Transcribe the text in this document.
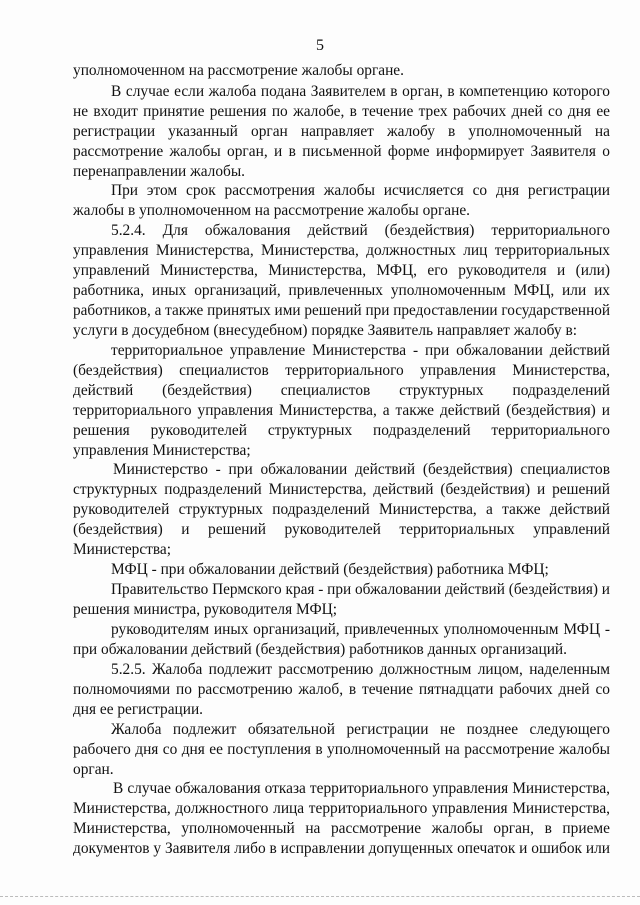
5
уполномоченном на рассмотрение жалобы органе.
В случае если жалоба подана Заявителем в орган, в компетенцию которого
не входит принятие решения по жалобе, в течение трех рабочих дней со дня ее
регистрации указанный орган направляет жалобу в уполномоченный на
рассмотрение жалобы орган, и в письменной форме информирует Заявителя о
перенаправлении жалобы.
При этом срок рассмотрения жалобы исчисляется со дня регистрации
жалобы в уполномоченном на рассмотрение жалобы органе.
5.2.4. Для обжалования действий (бездействия) территориального
управления Министерства, Министерства, должностных лиц территориальных
управлений Министерства, Министерства, МФЦ, его руководителя и (или)
работника, иных организаций, привлеченных уполномоченным МФЦ, или их
работников, а также принятых ими решений при предоставлении государственной
услуги в досудебном (внесудебном) порядке Заявитель направляет жалобу в:
территориальное управление Министерства - при обжаловании действий
(бездействия) специалистов территориального управления Министерства,
действий (бездействия) специалистов структурных подразделений
территориального управления Министерства, а также действий (бездействия) и
решения руководителей структурных подразделений территориального
управления Министерства;
Министерство - при обжаловании действий (бездействия) специалистов
структурных подразделений Министерства, действий (бездействия) и решений
руководителей структурных подразделений Министерства, а также действий
(бездействия) и решений руководителей территориальных управлений
Министерства;
МФЦ - при обжаловании действий (бездействия) работника МФЦ;
Правительство Пермского края - при обжаловании действий (бездействия) и
решения министра, руководителя МФЦ;
руководителям иных организаций, привлеченных уполномоченным МФЦ -
при обжаловании действий (бездействия) работников данных организаций.
5.2.5. Жалоба подлежит рассмотрению должностным лицом, наделенным
полномочиями по рассмотрению жалоб, в течение пятнадцати рабочих дней со
дня ее регистрации.
Жалоба подлежит обязательной регистрации не позднее следующего
рабочего дня со дня ее поступления в уполномоченный на рассмотрение жалобы
орган.
В случае обжалования отказа территориального управления Министерства,
Министерства, должностного лица территориального управления Министерства,
Министерства, уполномоченный на рассмотрение жалобы орган, в приеме
документов у Заявителя либо в исправлении допущенных опечаток и ошибок или
